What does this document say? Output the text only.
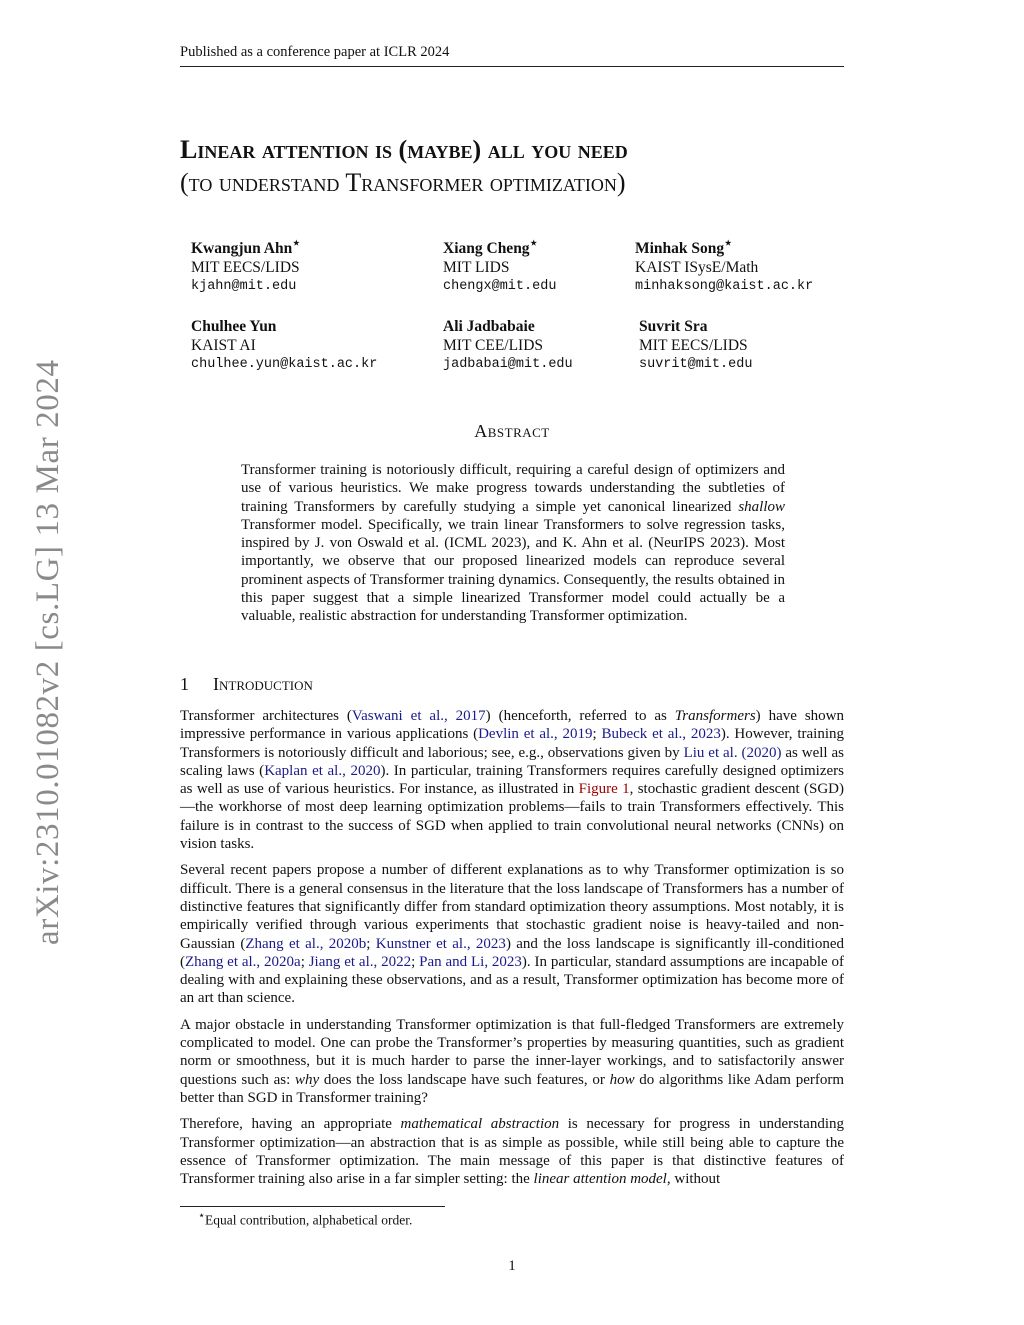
Published as a conference paper at ICLR 2024
arXiv:2310.01082v2 [cs.LG] 13 Mar 2024
Linear attention is (maybe) all you need
(to understand Transformer optimization)
Kwangjun Ahn⋆
MIT EECS/LIDS
kjahn@mit.edu
Xiang Cheng⋆
MIT LIDS
chengx@mit.edu
Minhak Song⋆
KAIST ISysE/Math
minhaksong@kaist.ac.kr
Chulhee Yun
KAIST AI
chulhee.yun@kaist.ac.kr
Ali Jadbabaie
MIT CEE/LIDS
jadbabai@mit.edu
Suvrit Sra
MIT EECS/LIDS
suvrit@mit.edu
Abstract

Transformer training is notoriously difficult, requiring a careful design of optimizers and use of various heuristics. We make progress towards understanding the subtleties of training Transformers by carefully studying a simple yet canonical linearized shallow Transformer model. Specifically, we train linear Transformers to solve regression tasks, inspired by J. von Oswald et al. (ICML 2023), and K. Ahn et al. (NeurIPS 2023). Most importantly, we observe that our proposed linearized models can reproduce several prominent aspects of Transformer training dynamics. Consequently, the results obtained in this paper suggest that a simple linearized Transformer model could actually be a valuable, realistic abstraction for understanding Transformer optimization.

1 Introduction

Transformer architectures (Vaswani et al., 2017) (henceforth, referred to as Transformers) have shown impressive performance in various applications (Devlin et al., 2019; Bubeck et al., 2023). However, training Transformers is notoriously difficult and laborious; see, e.g., observations given by Liu et al. (2020) as well as scaling laws (Kaplan et al., 2020). In particular, training Transformers requires carefully designed optimizers as well as use of various heuristics. For instance, as illustrated in Figure 1, stochastic gradient descent (SGD)—the workhorse of most deep learning optimization problems—fails to train Transformers effectively. This failure is in contrast to the success of SGD when applied to train convolutional neural networks (CNNs) on vision tasks.

Several recent papers propose a number of different explanations as to why Transformer optimization is so difficult. There is a general consensus in the literature that the loss landscape of Transformers has a number of distinctive features that significantly differ from standard optimization theory assumptions. Most notably, it is empirically verified through various experiments that stochastic gradient noise is heavy-tailed and non-Gaussian (Zhang et al., 2020b; Kunstner et al., 2023) and the loss landscape is significantly ill-conditioned (Zhang et al., 2020a; Jiang et al., 2022; Pan and Li, 2023). In particular, standard assumptions are incapable of dealing with and explaining these observations, and as a result, Transformer optimization has become more of an art than science.

A major obstacle in understanding Transformer optimization is that full-fledged Transformers are extremely complicated to model. One can probe the Transformer’s properties by measuring quantities, such as gradient norm or smoothness, but it is much harder to parse the inner-layer workings, and to satisfactorily answer questions such as: why does the loss landscape have such features, or how do algorithms like Adam perform better than SGD in Transformer training?

Therefore, having an appropriate mathematical abstraction is necessary for progress in understanding Transformer optimization—an abstraction that is as simple as possible, while still being able to capture the essence of Transformer optimization. The main message of this paper is that distinctive features of Transformer training also arise in a far simpler setting: the linear attention model, without

⋆Equal contribution, alphabetical order.
1
